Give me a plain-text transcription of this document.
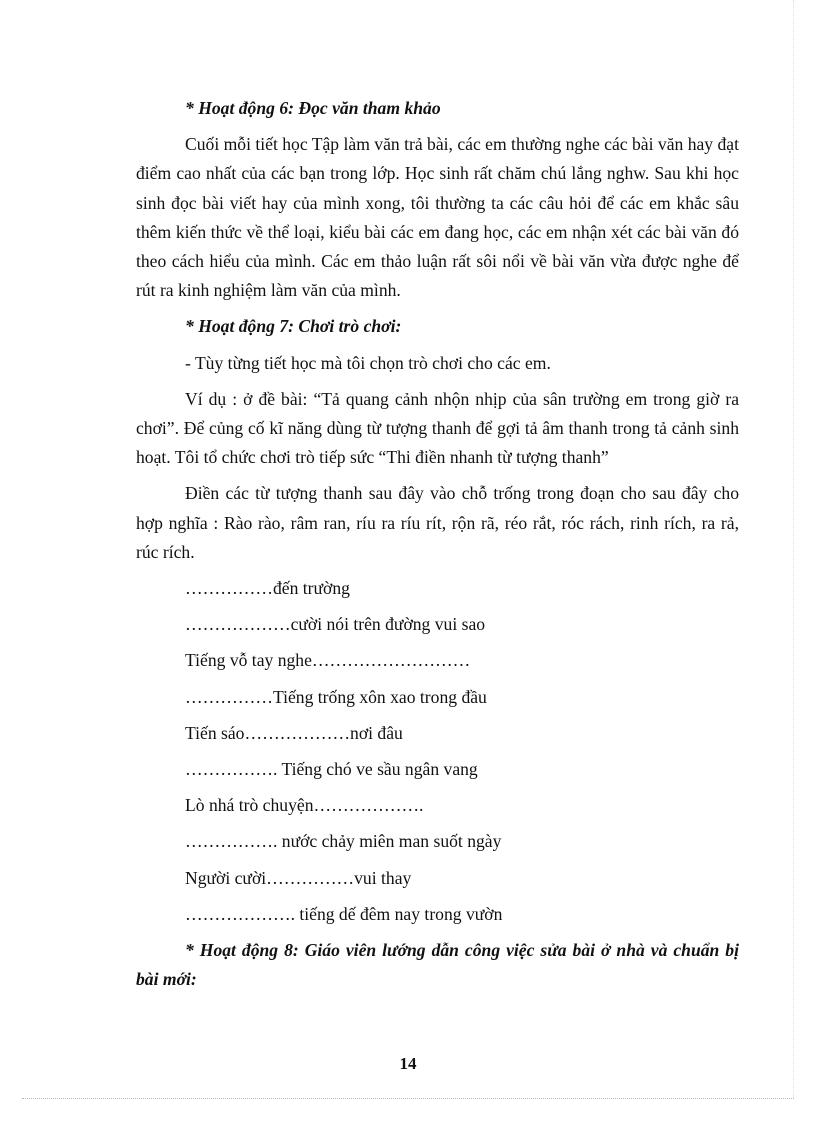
* Hoạt động 6: Đọc văn tham khảo

Cuối mỗi tiết học Tập làm văn trả bài, các em thường nghe các bài văn hay đạt điểm cao nhất của các bạn trong lớp. Học sinh rất chăm chú lắng nghw. Sau khi học sinh đọc bài viết hay của mình xong, tôi thường ta các câu hỏi để các em khắc sâu thêm kiến thức về thể loại, kiểu bài các em đang học, các em nhận xét các bài văn đó theo cách hiểu của mình. Các em thảo luận rất sôi nổi về bài văn vừa được nghe để rút ra kinh nghiệm làm văn của mình.

* Hoạt động 7: Chơi trò chơi:

- Tùy từng tiết học mà tôi chọn trò chơi cho các em.

Ví dụ : ở đề bài: “Tả quang cảnh nhộn nhịp của sân trường em trong giờ ra chơi”. Để củng cố kĩ năng dùng từ tượng thanh để gợi tả âm thanh trong tả cảnh sinh hoạt. Tôi tổ chức chơi trò tiếp sức “Thi điền nhanh từ tượng thanh”

Điền các từ tượng thanh sau đây vào chỗ trống trong đoạn cho sau đây cho hợp nghĩa : Rào rào, râm ran, ríu ra ríu rít, rộn rã, réo rắt, róc rách, rinh rích, ra rả, rúc rích.

……………đến trường

………………cười nói trên đường vui sao

Tiếng vỗ tay nghe………………………

……………Tiếng trống xôn xao trong đầu

Tiến sáo………………nơi đâu

……………. Tiếng chó ve sầu ngân vang

Lò nhá trò chuyện……………….

……………. nước chảy miên man suốt ngày

Người cười……………vui thay

………………. tiếng dế đêm nay trong vườn

* Hoạt động 8: Giáo viên lướng dẫn công việc sửa bài ở nhà và chuẩn bị bài mới:

14
